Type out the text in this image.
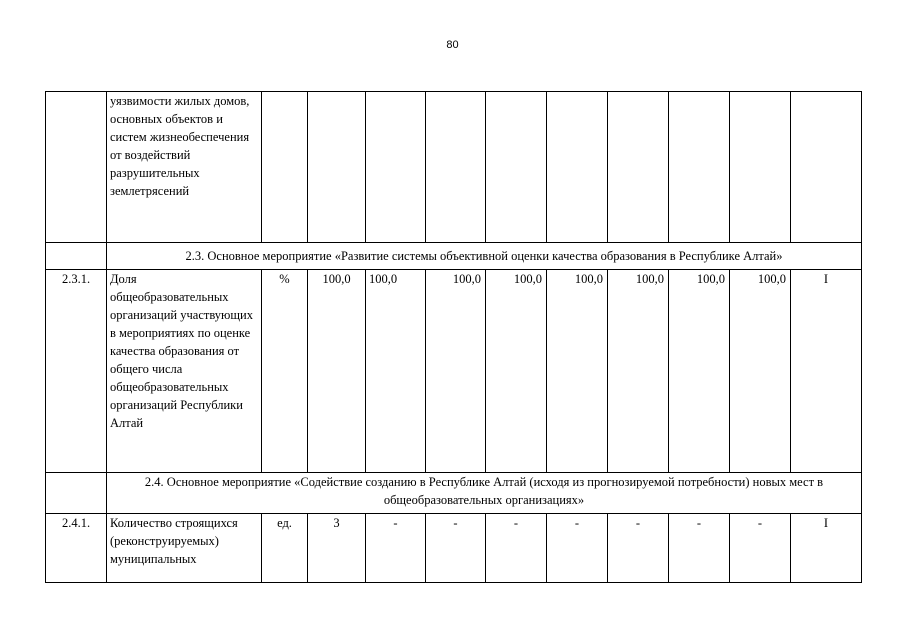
80
	уязвимости жилых домов, основных объектов и систем жизнеобеспечения от воздействий разрушительных землетрясений										
	2.3. Основное мероприятие «Развитие системы объективной оценки качества образования в Республике Алтай»										
2.3.1.	Доля общеобразовательных организаций участвующих в мероприятиях по оценке качества образования от общего числа общеобразовательных организаций Республики Алтай	%	100,0	100,0	100,0	100,0	100,0	100,0	100,0	100,0	I
	2.4. Основное мероприятие «Содействие созданию в Республике Алтай (исходя из прогнозируемой потребности) новых мест в общеобразовательных организациях»										
2.4.1.	Количество строящихся (реконструируемых) муниципальных	ед.	3	-	-	-	-	-	-	-	I
